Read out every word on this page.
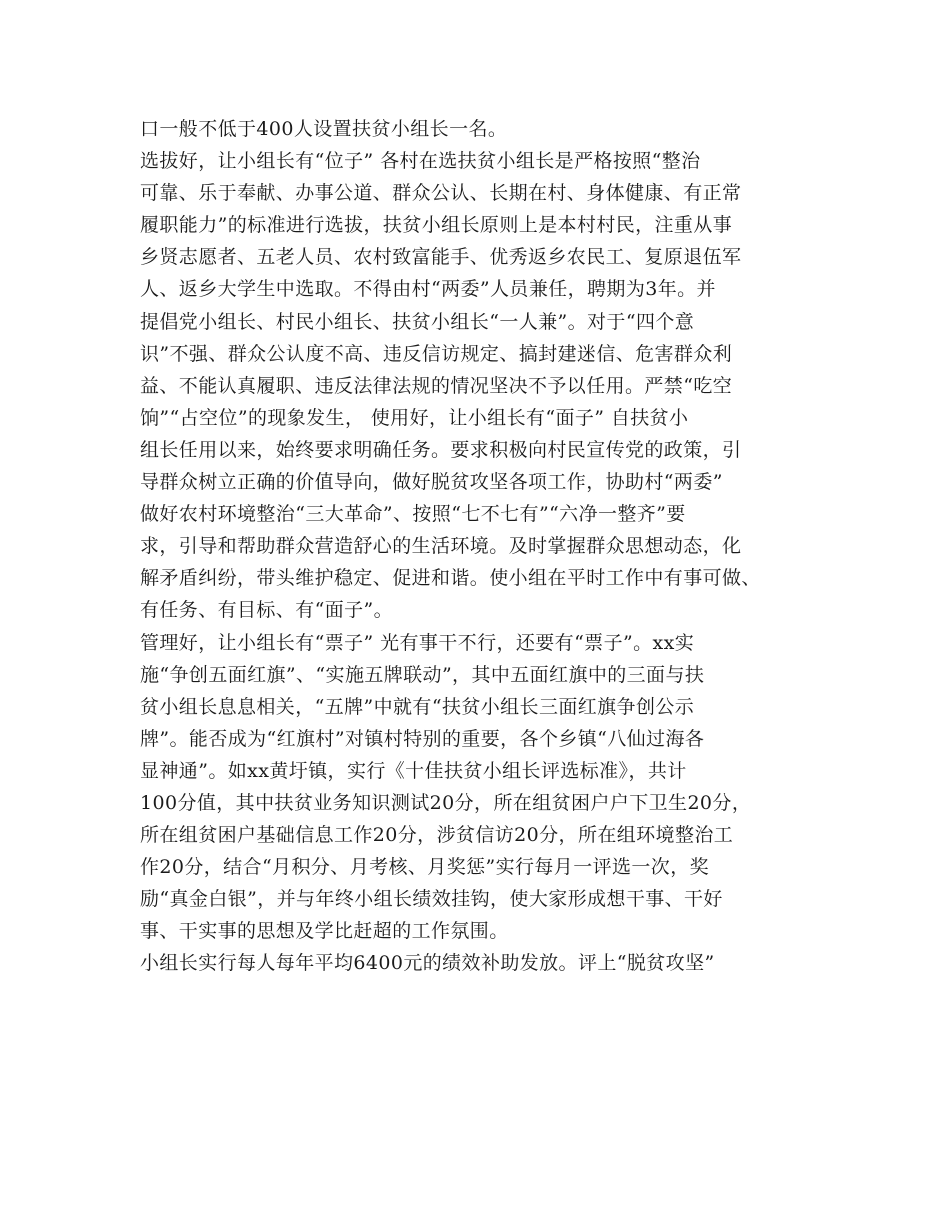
口一般不低于400人设置扶贫小组长一名。
选拔好，让小组长有“位子” 各村在选扶贫小组长是严格按照“整治
可靠、乐于奉献、办事公道、群众公认、长期在村、身体健康、有正常
履职能力”的标准进行选拔，扶贫小组长原则上是本村村民，注重从事
乡贤志愿者、五老人员、农村致富能手、优秀返乡农民工、复原退伍军
人、返乡大学生中选取。不得由村“两委”人员兼任，聘期为3年。并
提倡党小组长、村民小组长、扶贫小组长“一人兼”。对于“四个意
识”不强、群众公认度不高、违反信访规定、搞封建迷信、危害群众利
益、不能认真履职、违反法律法规的情况坚决不予以任用。严禁“吃空
饷”“占空位”的现象发生， 使用好，让小组长有“面子” 自扶贫小
组长任用以来，始终要求明确任务。要求积极向村民宣传党的政策，引
导群众树立正确的价值导向，做好脱贫攻坚各项工作，协助村“两委”
做好农村环境整治“三大革命”、按照“七不七有”“六净一整齐”要
求，引导和帮助群众营造舒心的生活环境。及时掌握群众思想动态，化
解矛盾纠纷，带头维护稳定、促进和谐。使小组在平时工作中有事可做、
有任务、有目标、有“面子”。
管理好，让小组长有“票子” 光有事干不行，还要有“票子”。xx实
施“争创五面红旗”、“实施五牌联动”，其中五面红旗中的三面与扶
贫小组长息息相关，“五牌”中就有“扶贫小组长三面红旗争创公示
牌”。能否成为“红旗村”对镇村特别的重要，各个乡镇“八仙过海各
显神通”。如xx黄圩镇，实行《十佳扶贫小组长评选标准》，共计
100分值，其中扶贫业务知识测试20分，所在组贫困户户下卫生20分，
所在组贫困户基础信息工作20分，涉贫信访20分，所在组环境整治工
作20分，结合“月积分、月考核、月奖惩”实行每月一评选一次，奖
励“真金白银”，并与年终小组长绩效挂钩，使大家形成想干事、干好
事、干实事的思想及学比赶超的工作氛围。
小组长实行每人每年平均6400元的绩效补助发放。评上“脱贫攻坚”
